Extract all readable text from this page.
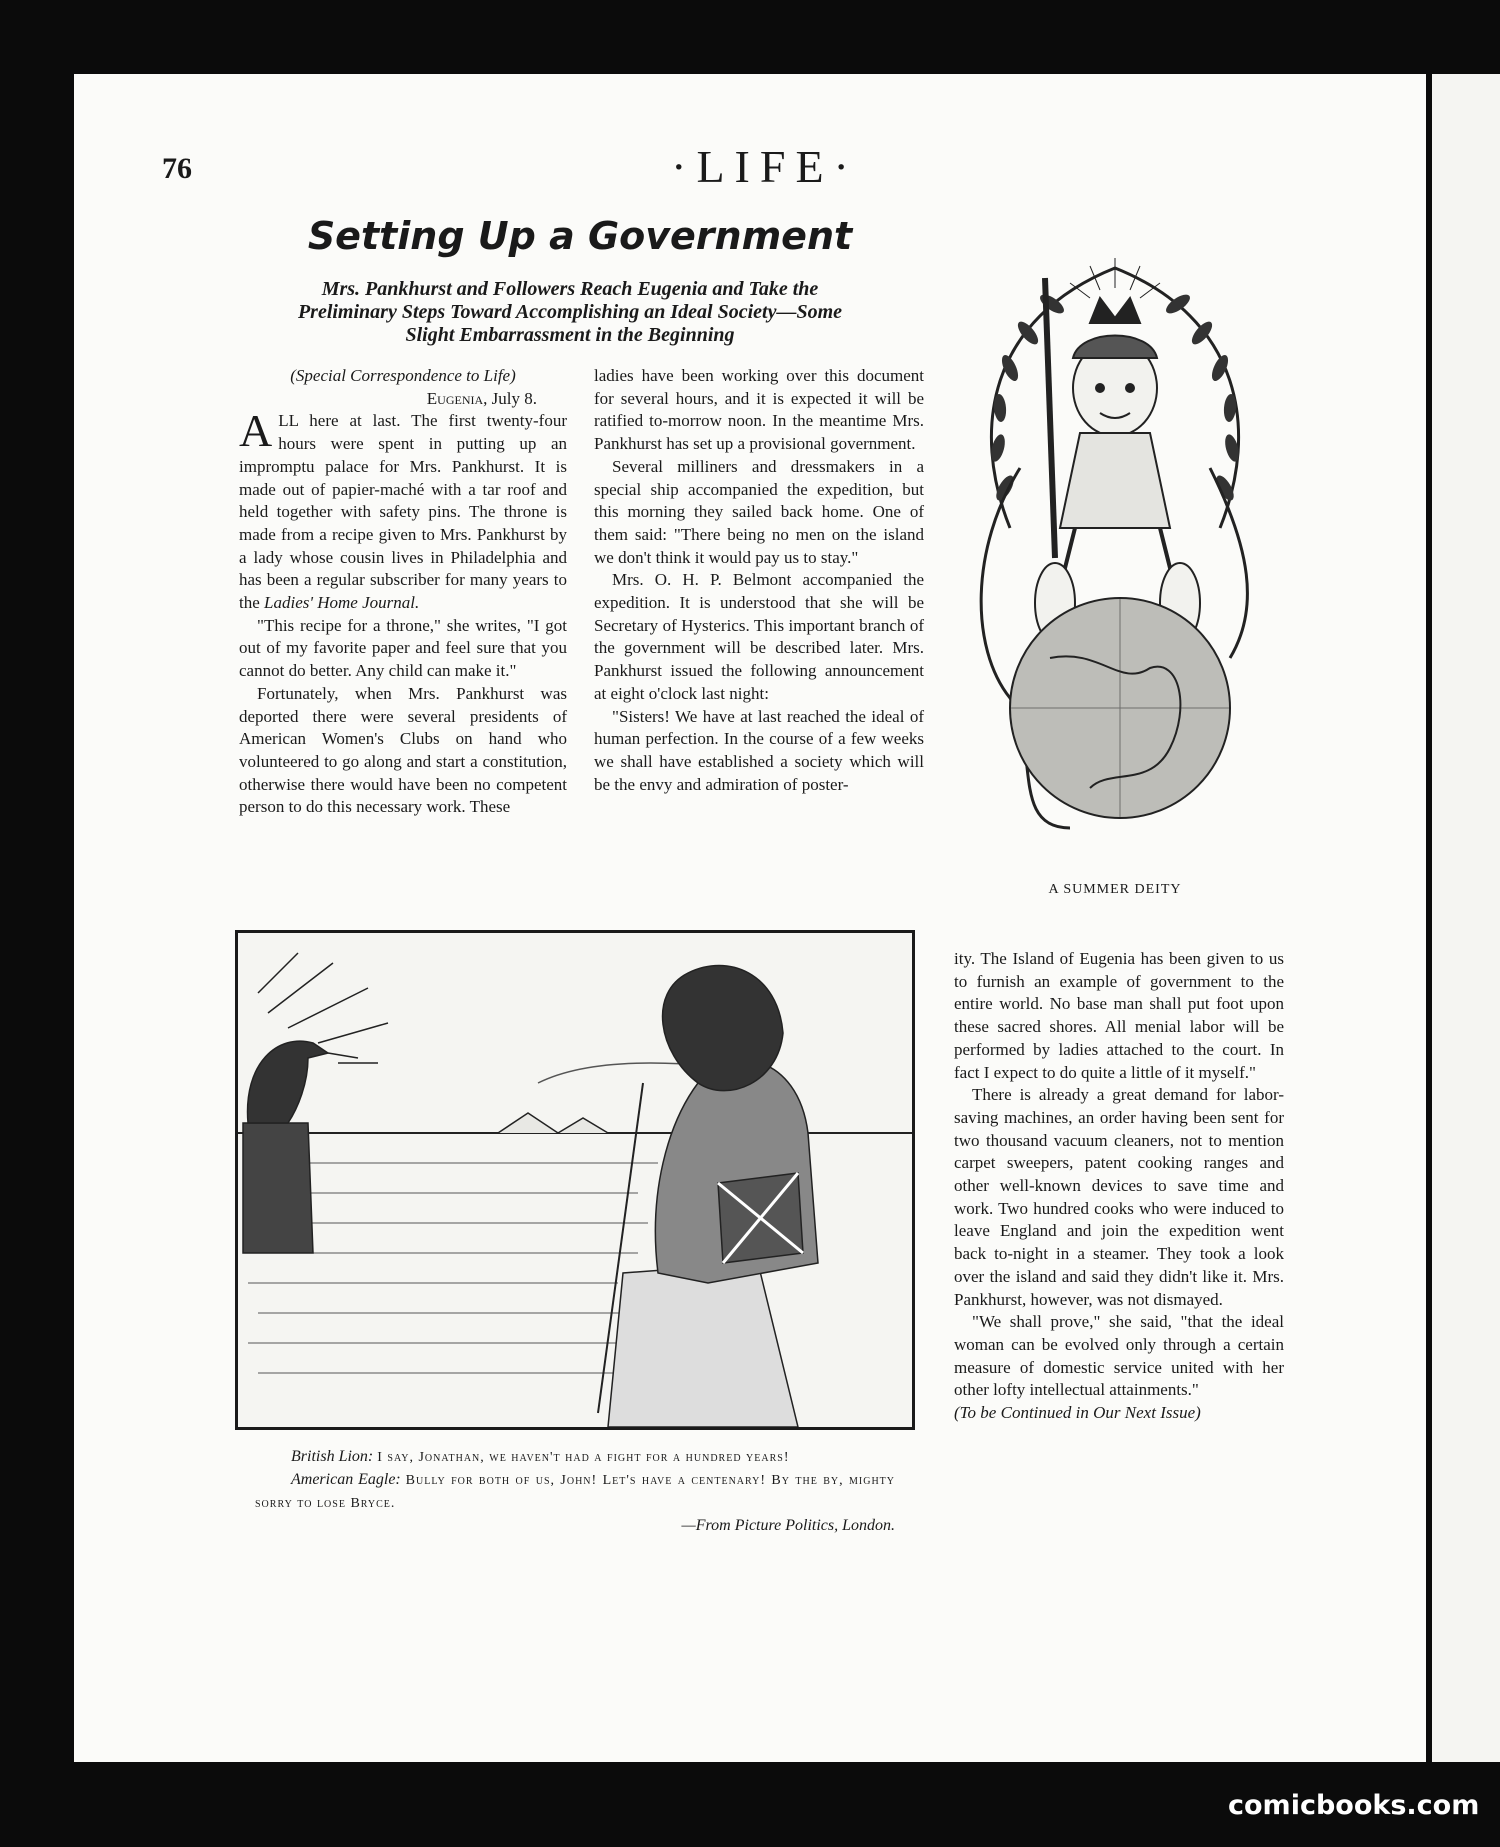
76	·LIFE·
Setting Up a Government
Mrs. Pankhurst and Followers Reach Eugenia and Take the Preliminary Steps Toward Accomplishing an Ideal Society—Some Slight Embarrassment in the Beginning
(Special Correspondence to Life)
Eugenia, July 8.

ALL here at last. The first twenty-four hours were spent in putting up an impromptu palace for Mrs. Pankhurst. It is made out of papier-maché with a tar roof and held together with safety pins. The throne is made from a recipe given to Mrs. Pankhurst by a lady whose cousin lives in Philadelphia and has been a regular subscriber for many years to the Ladies' Home Journal.

"This recipe for a throne," she writes, "I got out of my favorite paper and feel sure that you cannot do better. Any child can make it."

Fortunately, when Mrs. Pankhurst was deported there were several presidents of American Women's Clubs on hand who volunteered to go along and start a constitution, otherwise there would have been no competent person to do this necessary work. These

ladies have been working over this document for several hours, and it is expected it will be ratified to-morrow noon. In the meantime Mrs. Pankhurst has set up a provisional government.

Several milliners and dressmakers in a special ship accompanied the expedition, but this morning they sailed back home. One of them said: "There being no men on the island we don't think it would pay us to stay."

Mrs. O. H. P. Belmont accompanied the expedition. It is understood that she will be Secretary of Hysterics. This important branch of the government will be described later. Mrs. Pankhurst issued the following announcement at eight o'clock last night:

"Sisters! We have at last reached the ideal of human perfection. In the course of a few weeks we shall have established a society which will be the envy and admiration of poster-

ity. The Island of Eugenia has been given to us to furnish an example of government to the entire world. No base man shall put foot upon these sacred shores. All menial labor will be performed by ladies attached to the court. In fact I expect to do quite a little of it myself."

There is already a great demand for labor-saving machines, an order having been sent for two thousand vacuum cleaners, not to mention carpet sweepers, patent cooking ranges and other well-known devices to save time and work. Two hundred cooks who were induced to leave England and join the expedition went back to-night in a steamer. They took a look over the island and said they didn't like it. Mrs. Pankhurst, however, was not dismayed.

"We shall prove," she said, "that the ideal woman can be evolved only through a certain measure of domestic service united with her other lofty intellectual attainments."

(To be Continued in Our Next Issue)

A SUMMER DEITY

British Lion: I say, Jonathan, we haven't had a fight for a hundred years!

American Eagle: Bully for both of us, John! Let's have a centenary! By the by, mighty sorry to lose Bryce.

—From Picture Politics, London.

comicbooks.com
